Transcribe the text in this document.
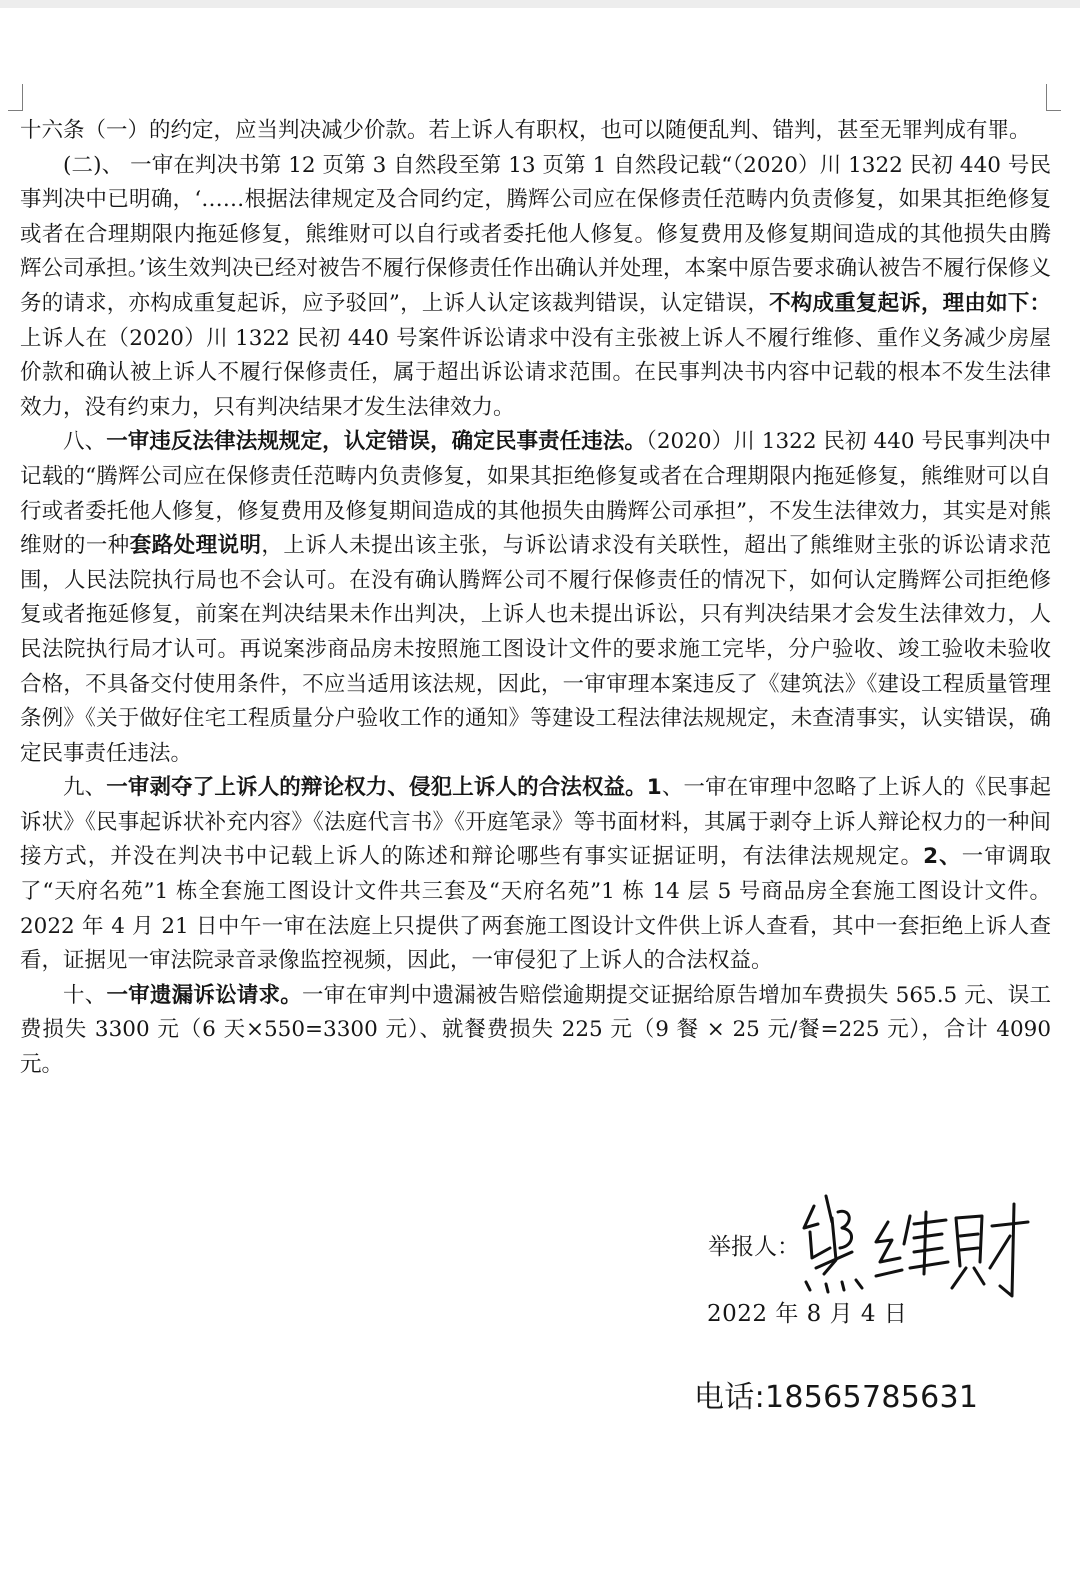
十六条（一）的约定，应当判决减少价款。若上诉人有职权，也可以随便乱判、错判，甚至无罪判成有罪。

(二)、 一审在判决书第 12 页第 3 自然段至第 13 页第 1 自然段记载“（2020）川 1322 民初 440 号民事判决中已明确，‘……根据法律规定及合同约定，腾辉公司应在保修责任范畴内负责修复，如果其拒绝修复或者在合理期限内拖延修复，熊维财可以自行或者委托他人修复。修复费用及修复期间造成的其他损失由腾辉公司承担。’该生效判决已经对被告不履行保修责任作出确认并处理，本案中原告要求确认被告不履行保修义务的请求，亦构成重复起诉，应予驳回”，上诉人认定该裁判错误，认定错误，不构成重复起诉，理由如下：上诉人在（2020）川 1322 民初 440 号案件诉讼请求中没有主张被上诉人不履行维修、重作义务减少房屋价款和确认被上诉人不履行保修责任，属于超出诉讼请求范围。在民事判决书内容中记载的根本不发生法律效力，没有约束力，只有判决结果才发生法律效力。

八、一审违反法律法规规定，认定错误，确定民事责任违法。（2020）川 1322 民初 440 号民事判决中记载的“腾辉公司应在保修责任范畴内负责修复，如果其拒绝修复或者在合理期限内拖延修复，熊维财可以自行或者委托他人修复，修复费用及修复期间造成的其他损失由腾辉公司承担”，不发生法律效力，其实是对熊维财的一种套路处理说明，上诉人未提出该主张，与诉讼请求没有关联性，超出了熊维财主张的诉讼请求范围，人民法院执行局也不会认可。在没有确认腾辉公司不履行保修责任的情况下，如何认定腾辉公司拒绝修复或者拖延修复，前案在判决结果未作出判决，上诉人也未提出诉讼，只有判决结果才会发生法律效力，人民法院执行局才认可。再说案涉商品房未按照施工图设计文件的要求施工完毕，分户验收、竣工验收未验收合格，不具备交付使用条件，不应当适用该法规，因此，一审审理本案违反了《建筑法》《建设工程质量管理条例》《关于做好住宅工程质量分户验收工作的通知》等建设工程法律法规规定，未查清事实，认实错误，确定民事责任违法。

九、一审剥夺了上诉人的辩论权力、侵犯上诉人的合法权益。1、一审在审理中忽略了上诉人的《民事起诉状》《民事起诉状补充内容》《法庭代言书》《开庭笔录》等书面材料，其属于剥夺上诉人辩论权力的一种间接方式，并没在判决书中记载上诉人的陈述和辩论哪些有事实证据证明，有法律法规规定。2、一审调取了“天府名苑”1 栋全套施工图设计文件共三套及“天府名苑”1 栋 14 层 5 号商品房全套施工图设计文件。2022 年 4 月 21 日中午一审在法庭上只提供了两套施工图设计文件供上诉人查看，其中一套拒绝上诉人查看，证据见一审法院录音录像监控视频，因此，一审侵犯了上诉人的合法权益。

十、一审遗漏诉讼请求。一审在审判中遗漏被告赔偿逾期提交证据给原告增加车费损失 565.5 元、误工费损失 3300 元（6 天×550=3300 元）、就餐费损失 225 元（9 餐 × 25 元/餐=225 元），合计 4090 元。

举报人：
2022 年 8 月 4 日
电话:18565785631
